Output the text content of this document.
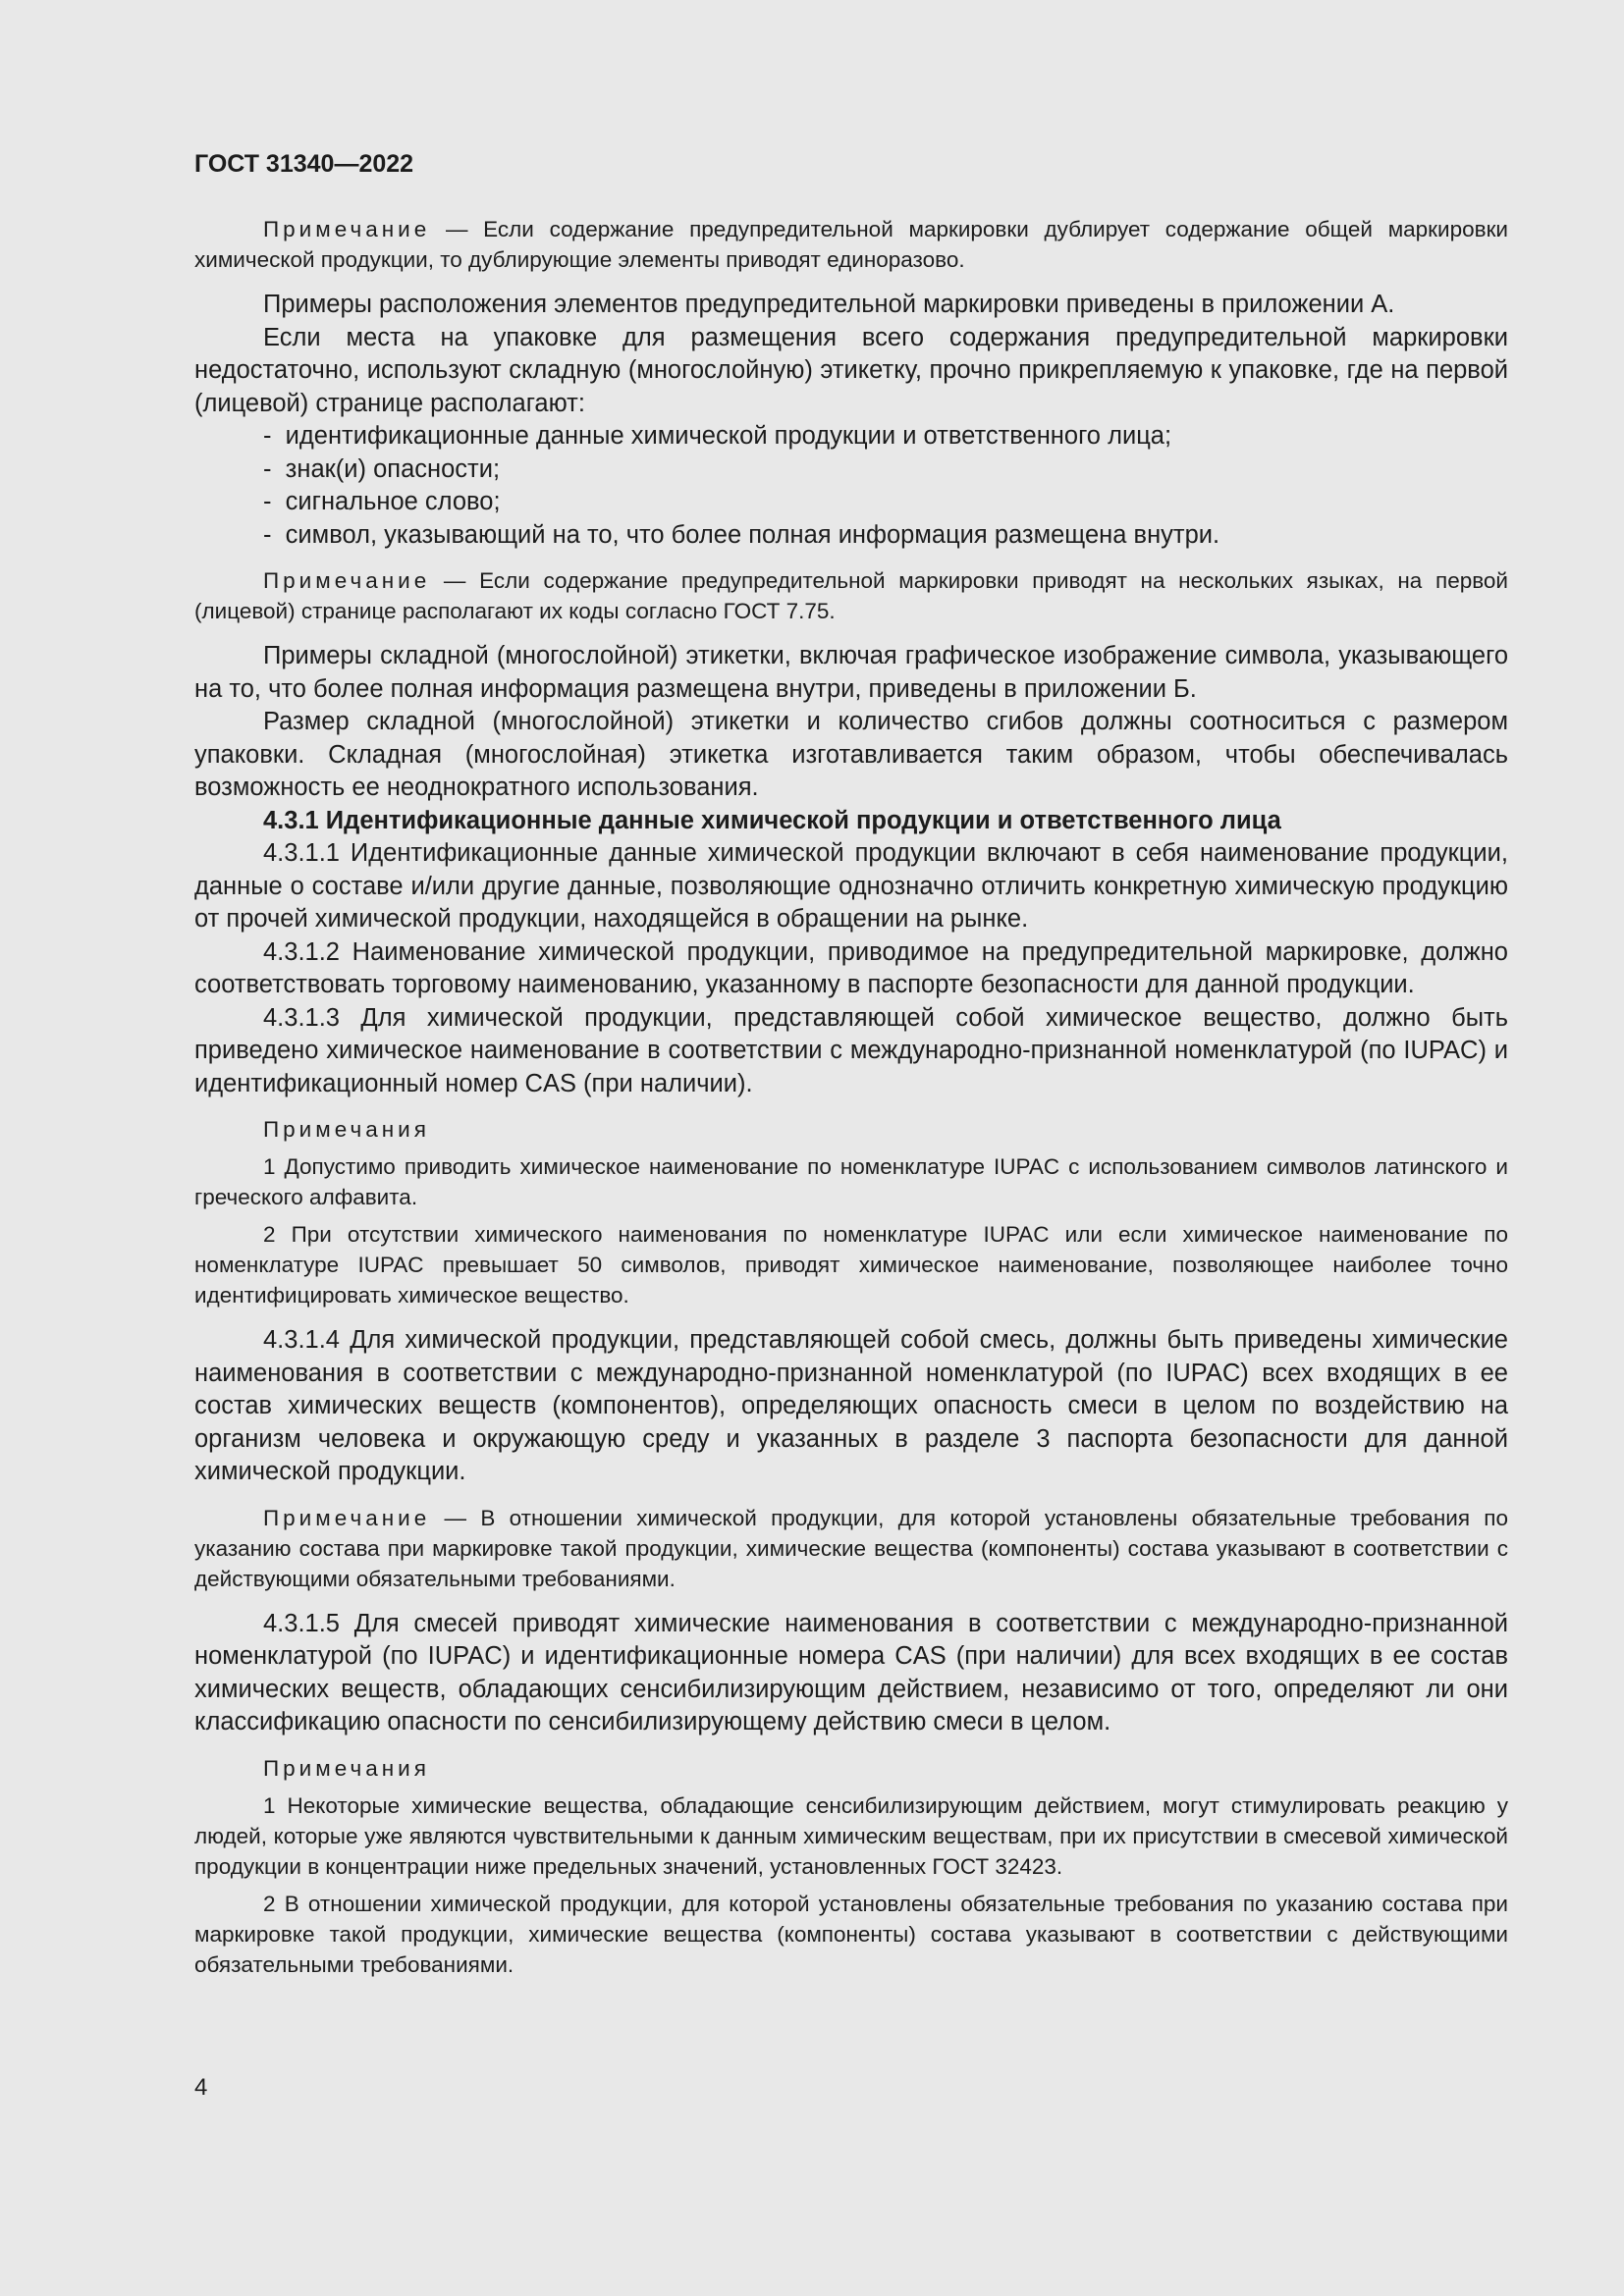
ГОСТ 31340—2022

Примечание — Если содержание предупредительной маркировки дублирует содержание общей маркировки химической продукции, то дублирующие элементы приводят единоразово.

Примеры расположения элементов предупредительной маркировки приведены в приложении А.

Если места на упаковке для размещения всего содержания предупредительной маркировки недостаточно, используют складную (многослойную) этикетку, прочно прикрепляемую к упаковке, где на первой (лицевой) странице располагают:

-  идентификационные данные химической продукции и ответственного лица;
-  знак(и) опасности;
-  сигнальное слово;
-  символ, указывающий на то, что более полная информация размещена внутри.

Примечание — Если содержание предупредительной маркировки приводят на нескольких языках, на первой (лицевой) странице располагают их коды согласно ГОСТ 7.75.

Примеры складной (многослойной) этикетки, включая графическое изображение символа, указывающего на то, что более полная информация размещена внутри, приведены в приложении Б.

Размер складной (многослойной) этикетки и количество сгибов должны соотноситься с размером упаковки. Складная (многослойная) этикетка изготавливается таким образом, чтобы обеспечивалась возможность ее неоднократного использования.

4.3.1 Идентификационные данные химической продукции и ответственного лица

4.3.1.1 Идентификационные данные химической продукции включают в себя наименование продукции, данные о составе и/или другие данные, позволяющие однозначно отличить конкретную химическую продукцию от прочей химической продукции, находящейся в обращении на рынке.

4.3.1.2 Наименование химической продукции, приводимое на предупредительной маркировке, должно соответствовать торговому наименованию, указанному в паспорте безопасности для данной продукции.

4.3.1.3 Для химической продукции, представляющей собой химическое вещество, должно быть приведено химическое наименование в соответствии с международно-признанной номенклатурой (по IUPAC) и идентификационный номер CAS (при наличии).

Примечания

1 Допустимо приводить химическое наименование по номенклатуре IUPAC с использованием символов латинского и греческого алфавита.

2 При отсутствии химического наименования по номенклатуре IUPAC или если химическое наименование по номенклатуре IUPAC превышает 50 символов, приводят химическое наименование, позволяющее наиболее точно идентифицировать химическое вещество.

4.3.1.4 Для химической продукции, представляющей собой смесь, должны быть приведены химические наименования в соответствии с международно-признанной номенклатурой (по IUPAC) всех входящих в ее состав химических веществ (компонентов), определяющих опасность смеси в целом по воздействию на организм человека и окружающую среду и указанных в разделе 3 паспорта безопасности для данной химической продукции.

Примечание — В отношении химической продукции, для которой установлены обязательные требования по указанию состава при маркировке такой продукции, химические вещества (компоненты) состава указывают в соответствии с действующими обязательными требованиями.

4.3.1.5 Для смесей приводят химические наименования в соответствии с международно-признанной номенклатурой (по IUPAC) и идентификационные номера CAS (при наличии) для всех входящих в ее состав химических веществ, обладающих сенсибилизирующим действием, независимо от того, определяют ли они классификацию опасности по сенсибилизирующему действию смеси в целом.

Примечания

1 Некоторые химические вещества, обладающие сенсибилизирующим действием, могут стимулировать реакцию у людей, которые уже являются чувствительными к данным химическим веществам, при их присутствии в смесевой химической продукции в концентрации ниже предельных значений, установленных ГОСТ 32423.

2 В отношении химической продукции, для которой установлены обязательные требования по указанию состава при маркировке такой продукции, химические вещества (компоненты) состава указывают в соответствии с действующими обязательными требованиями.

4
